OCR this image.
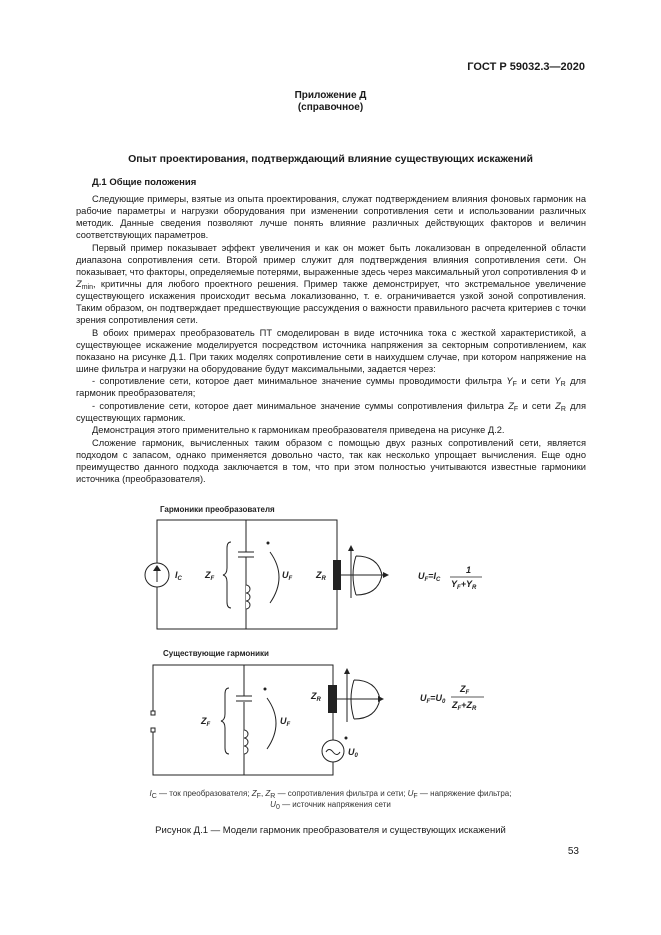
ГОСТ Р 59032.3—2020
Приложение Д
(справочное)
Опыт проектирования, подтверждающий влияние существующих искажений
Д.1 Общие положения

Следующие примеры, взятые из опыта проектирования, служат подтверждением влияния фоновых гармоник на рабочие параметры и нагрузки оборудования при изменении сопротивления сети и использовании различных методик. Данные сведения позволяют лучше понять влияние различных действующих факторов и величин соответствующих параметров.

Первый пример показывает эффект увеличения и как он может быть локализован в определенной области диапазона сопротивления сети. Второй пример служит для подтверждения влияния сопротивления сети. Он показывает, что факторы, определяемые потерями, выраженные здесь через максимальный угол сопротивления Φ и $Z_{min}$, критичны для любого проектного решения. Пример также демонстрирует, что экстремальное увеличение существующего искажения происходит весьма локализованно, т. е. ограничивается узкой зоной сопротивления. Таким образом, он подтверждает предшествующие рассуждения о важности правильного расчета критериев с точки зрения сопротивления сети.

В обоих примерах преобразователь ПТ смоделирован в виде источника тока с жесткой характеристикой, а существующее искажение моделируется посредством источника напряжения за секторным сопротивлением, как показано на рисунке Д.1. При таких моделях сопротивление сети в наихудшем случае, при котором напряжение на шине фильтра и нагрузки на оборудование будут максимальными, задается через:

- сопротивление сети, которое дает минимальное значение суммы проводимости фильтра $Y_F$ и сети $Y_R$ для гармоник преобразователя;

- сопротивление сети, которое дает минимальное значение суммы сопротивления фильтра $Z_F$ и сети $Z_R$ для существующих гармоник.

Демонстрация этого применительно к гармоникам преобразователя приведена на рисунке Д.2.

Сложение гармоник, вычисленных таким образом с помощью двух разных сопротивлений сети, является подходом с запасом, однако применяется довольно часто, так как несколько упрощает вычисления. Еще одно преимущество данного подхода заключается в том, что при этом полностью учитываются известные гармоники источника (преобразователя).

Гармоники преобразователя
$I_C$	$Z_F$	$U_F$	$Z_R$	$U_F=I_C$
1
$Y_F+Y_R$
Существующие гармоники
$Z_F$	$U_F$
$Z_R$
$U_0$
$U_F=U_0$
$Z_F$
$Z_F+Z_R$
$I_C$ — ток преобразователя; $Z_F$, $Z_R$ — сопротивления фильтра и сети; $U_F$ — напряжение фильтра;
$U_0$ — источник напряжения сети
Рисунок Д.1 — Модели гармоник преобразователя и существующих искажений
53
